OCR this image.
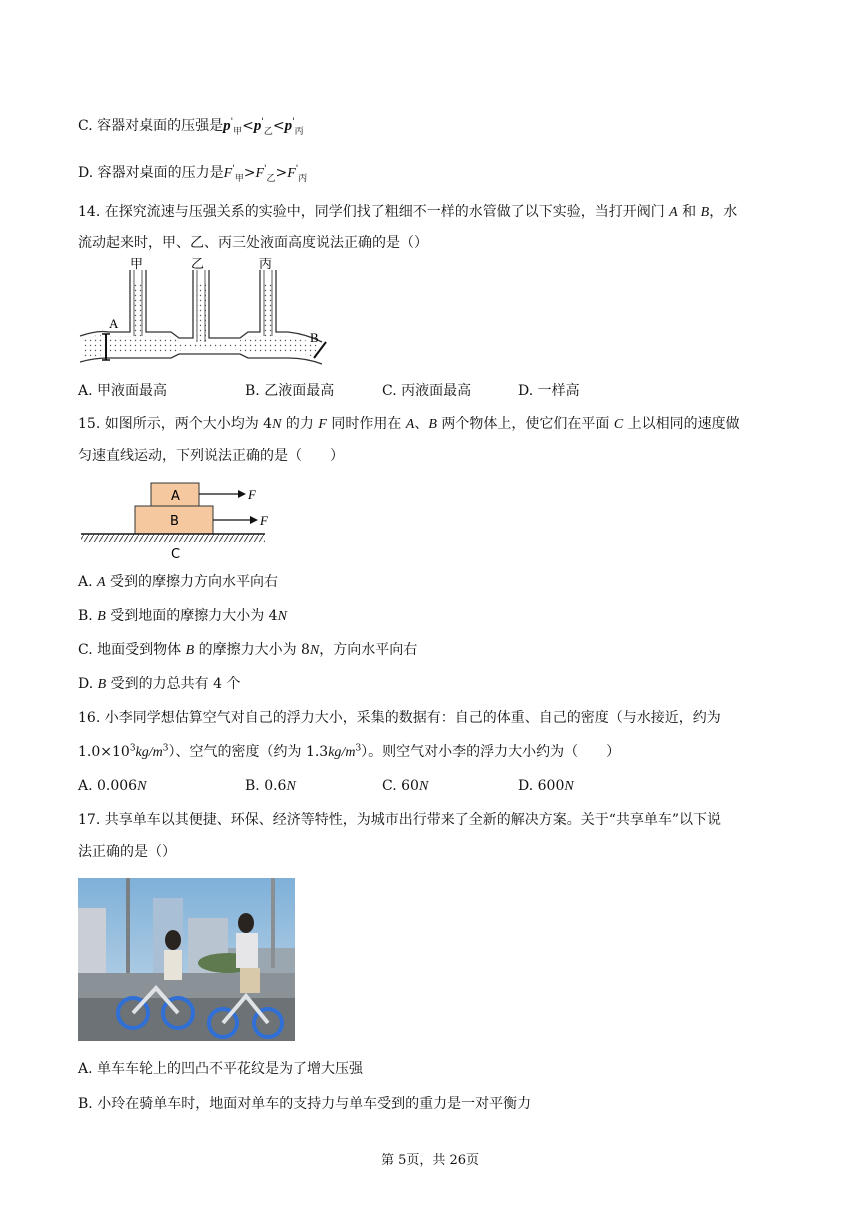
C. 容器对桌面的压强是$p'_甲<p'_乙<p'_丙$
D. 容器对桌面的压力是$F'_甲>F'_乙>F'_丙$
14. 在探究流速与压强关系的实验中，同学们找了粗细不一样的水管做了以下实验，当打开阀门 A 和 B，水
流动起来时，甲、乙、丙三处液面高度说法正确的是（）
甲	乙	丙
A
B
A. 甲液面最高	B. 乙液面最高	C. 丙液面最高	D. 一样高
15. 如图所示，两个大小均为 4N 的力 F 同时作用在 A、B 两个物体上，使它们在平面 C 上以相同的速度做
匀速直线运动，下列说法正确的是（　　）
A
B
F
F
C
A. A 受到的摩擦力方向水平向右
B. B 受到地面的摩擦力大小为 4N
C. 地面受到物体 B 的摩擦力大小为 8N，方向水平向右
D. B 受到的力总共有 4 个
16. 小李同学想估算空气对自己的浮力大小，采集的数据有：自己的体重、自己的密度（与水接近，约为
$1.0\times 10^3kg/m^3$）、空气的密度（约为 $1.3kg/m^3$）。则空气对小李的浮力大小约为（　　）
A. 0.006N	B. 0.6N	C. 60N	D. 600N
17. 共享单车以其便捷、环保、经济等特性，为城市出行带来了全新的解决方案。关于“共享单车”以下说
法正确的是（）
A. 单车车轮上的凹凸不平花纹是为了增大压强
B. 小玲在骑单车时，地面对单车的支持力与单车受到的重力是一对平衡力
第 5页，共 26页
